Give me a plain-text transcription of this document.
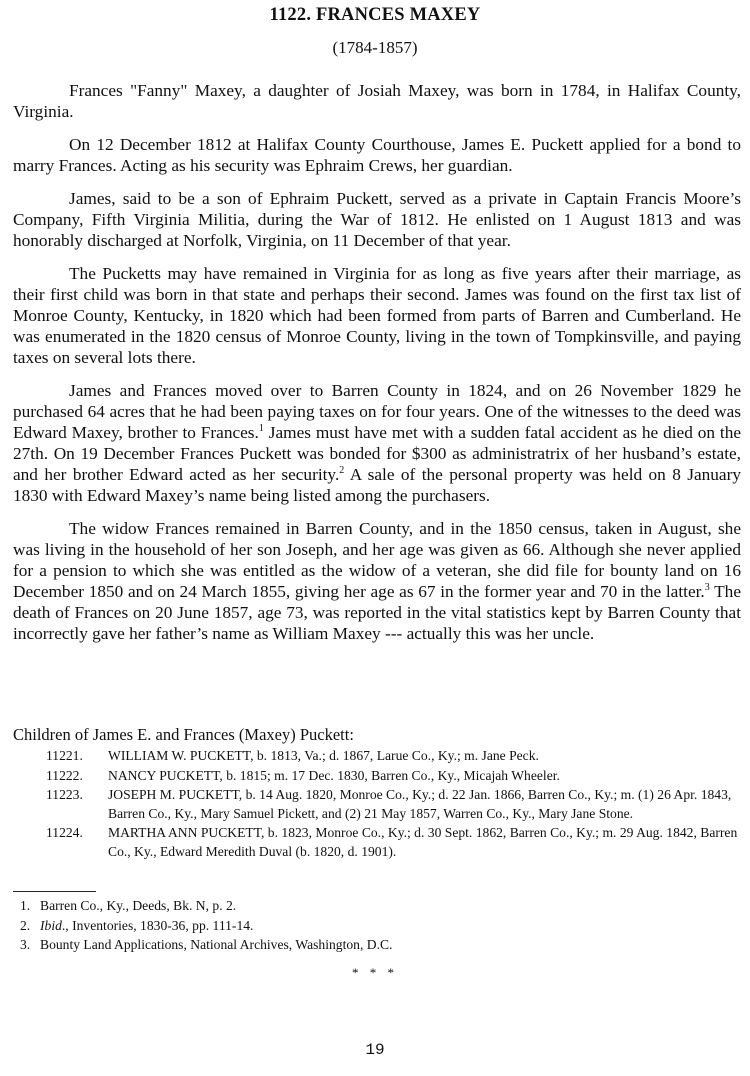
1122. FRANCES MAXEY
(1784-1857)

Frances "Fanny" Maxey, a daughter of Josiah Maxey, was born in 1784, in Halifax County, Virginia.

On 12 December 1812 at Halifax County Courthouse, James E. Puckett applied for a bond to marry Frances. Acting as his security was Ephraim Crews, her guardian.

James, said to be a son of Ephraim Puckett, served as a private in Captain Francis Moore’s Company, Fifth Virginia Militia, during the War of 1812. He enlisted on 1 August 1813 and was honorably discharged at Norfolk, Virginia, on 11 December of that year.

The Pucketts may have remained in Virginia for as long as five years after their marriage, as their first child was born in that state and perhaps their second. James was found on the first tax list of Monroe County, Kentucky, in 1820 which had been formed from parts of Barren and Cumberland. He was enumerated in the 1820 census of Monroe County, living in the town of Tompkinsville, and paying taxes on several lots there.

James and Frances moved over to Barren County in 1824, and on 26 November 1829 he purchased 64 acres that he had been paying taxes on for four years. One of the witnesses to the deed was Edward Maxey, brother to Frances.$^1$ James must have met with a sudden fatal accident as he died on the 27th. On 19 December Frances Puckett was bonded for $300 as administratrix of her husband’s estate, and her brother Edward acted as her security.$^2$ A sale of the personal property was held on 8 January 1830 with Edward Maxey’s name being listed among the purchasers.

The widow Frances remained in Barren County, and in the 1850 census, taken in August, she was living in the household of her son Joseph, and her age was given as 66. Although she never applied for a pension to which she was entitled as the widow of a veteran, she did file for bounty land on 16 December 1850 and on 24 March 1855, giving her age as 67 in the former year and 70 in the latter.$^3$ The death of Frances on 20 June 1857, age 73, was reported in the vital statistics kept by Barren County that incorrectly gave her father’s name as William Maxey --- actually this was her uncle.

Children of James E. and Frances (Maxey) Puckett:
11221.	WILLIAM W. PUCKETT, b. 1813, Va.; d. 1867, Larue Co., Ky.; m. Jane Peck.
11222.	NANCY PUCKETT, b. 1815; m. 17 Dec. 1830, Barren Co., Ky., Micajah Wheeler.
11223.	JOSEPH M. PUCKETT, b. 14 Aug. 1820, Monroe Co., Ky.; d. 22 Jan. 1866, Barren Co., Ky.; m. (1) 26 Apr. 1843, Barren Co., Ky., Mary Samuel Pickett, and (2) 21 May 1857, Warren Co., Ky., Mary Jane Stone.
11224.	MARTHA ANN PUCKETT, b. 1823, Monroe Co., Ky.; d. 30 Sept. 1862, Barren Co., Ky.; m. 29 Aug. 1842, Barren Co., Ky., Edward Meredith Duval (b. 1820, d. 1901).
1. Barren Co., Ky., Deeds, Bk. N, p. 2.
2. Ibid., Inventories, 1830-36, pp. 111-14.
3. Bounty Land Applications, National Archives, Washington, D.C.
* * *
19
